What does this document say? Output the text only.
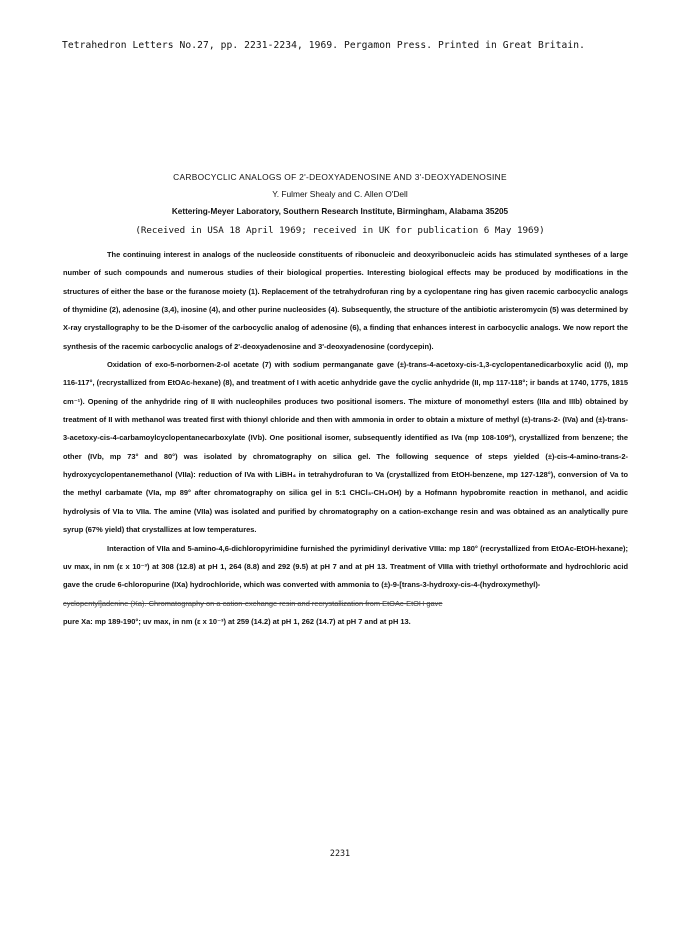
Tetrahedron Letters No.27, pp. 2231-2234, 1969. Pergamon Press. Printed in Great Britain.
CARBOCYCLIC ANALOGS OF 2'-DEOXYADENOSINE AND 3'-DEOXYADENOSINE
Y. Fulmer Shealy and C. Allen O'Dell
Kettering-Meyer Laboratory, Southern Research Institute, Birmingham, Alabama 35205
(Received in USA 18 April 1969; received in UK for publication 6 May 1969)

The continuing interest in analogs of the nucleoside constituents of ribonucleic and deoxyribonucleic acids has stimulated syntheses of a large number of such compounds and numerous studies of their biological properties. Interesting biological effects may be produced by modifications in the structures of either the base or the furanose moiety (1). Replacement of the tetrahydrofuran ring by a cyclopentane ring has given racemic carbocyclic analogs of thymidine (2), adenosine (3,4), inosine (4), and other purine nucleosides (4). Subsequently, the structure of the antibiotic aristeromycin (5) was determined by X-ray crystallography to be the D-isomer of the carbocyclic analog of adenosine (6), a finding that enhances interest in carbocyclic analogs. We now report the synthesis of the racemic carbocyclic analogs of 2'-deoxyadenosine and 3'-deoxyadenosine (cordycepin).

Oxidation of exo-5-norbornen-2-ol acetate (7) with sodium permanganate gave (±)-trans-4-acetoxy-cis-1,3-cyclopentanedicarboxylic acid (I), mp 116-117°, (recrystallized from EtOAc-hexane) (8), and treatment of I with acetic anhydride gave the cyclic anhydride (II, mp 117-118°; ir bands at 1740, 1775, 1815 cm⁻¹). Opening of the anhydride ring of II with nucleophiles produces two positional isomers. The mixture of monomethyl esters (IIIa and IIIb) obtained by treatment of II with methanol was treated first with thionyl chloride and then with ammonia in order to obtain a mixture of methyl (±)-trans-2- (IVa) and (±)-trans-3-acetoxy-cis-4-carbamoylcyclopentanecarboxylate (IVb). One positional isomer, subsequently identified as IVa (mp 108-109°), crystallized from benzene; the other (IVb, mp 73° and 80°) was isolated by chromatography on silica gel. The following sequence of steps yielded (±)-cis-4-amino-trans-2-hydroxycyclopentanemethanol (VIIa): reduction of IVa with LiBH₄ in tetrahydrofuran to Va (crystallized from EtOH-benzene, mp 127-128°), conversion of Va to the methyl carbamate (VIa, mp 89° after chromatography on silica gel in 5:1 CHCl₃-CH₃OH) by a Hofmann hypobromite reaction in methanol, and acidic hydrolysis of VIa to VIIa. The amine (VIIa) was isolated and purified by chromatography on a cation-exchange resin and was obtained as an analytically pure syrup (67% yield) that crystallizes at low temperatures.

Interaction of VIIa and 5-amino-4,6-dichloropyrimidine furnished the pyrimidinyl derivative VIIIa: mp 180° (recrystallized from EtOAc-EtOH-hexane); uv max, in nm (ε x 10⁻³) at 308 (12.8) at pH 1, 264 (8.8) and 292 (9.5) at pH 7 and at pH 13. Treatment of VIIIa with triethyl orthoformate and hydrochloric acid gave the crude 6-chloropurine (IXa) hydrochloride, which was converted with ammonia to (±)-9-[trans-3-hydroxy-cis-4-(hydroxymethyl)-

cyclopentyl]adenine (Xa). Chromatography on a cation-exchange resin and recrystallization from EtOAc-EtOH gave

pure Xa: mp 189-190°; uv max, in nm (ε x 10⁻³) at 259 (14.2) at pH 1, 262 (14.7) at pH 7 and at pH 13.

2231
